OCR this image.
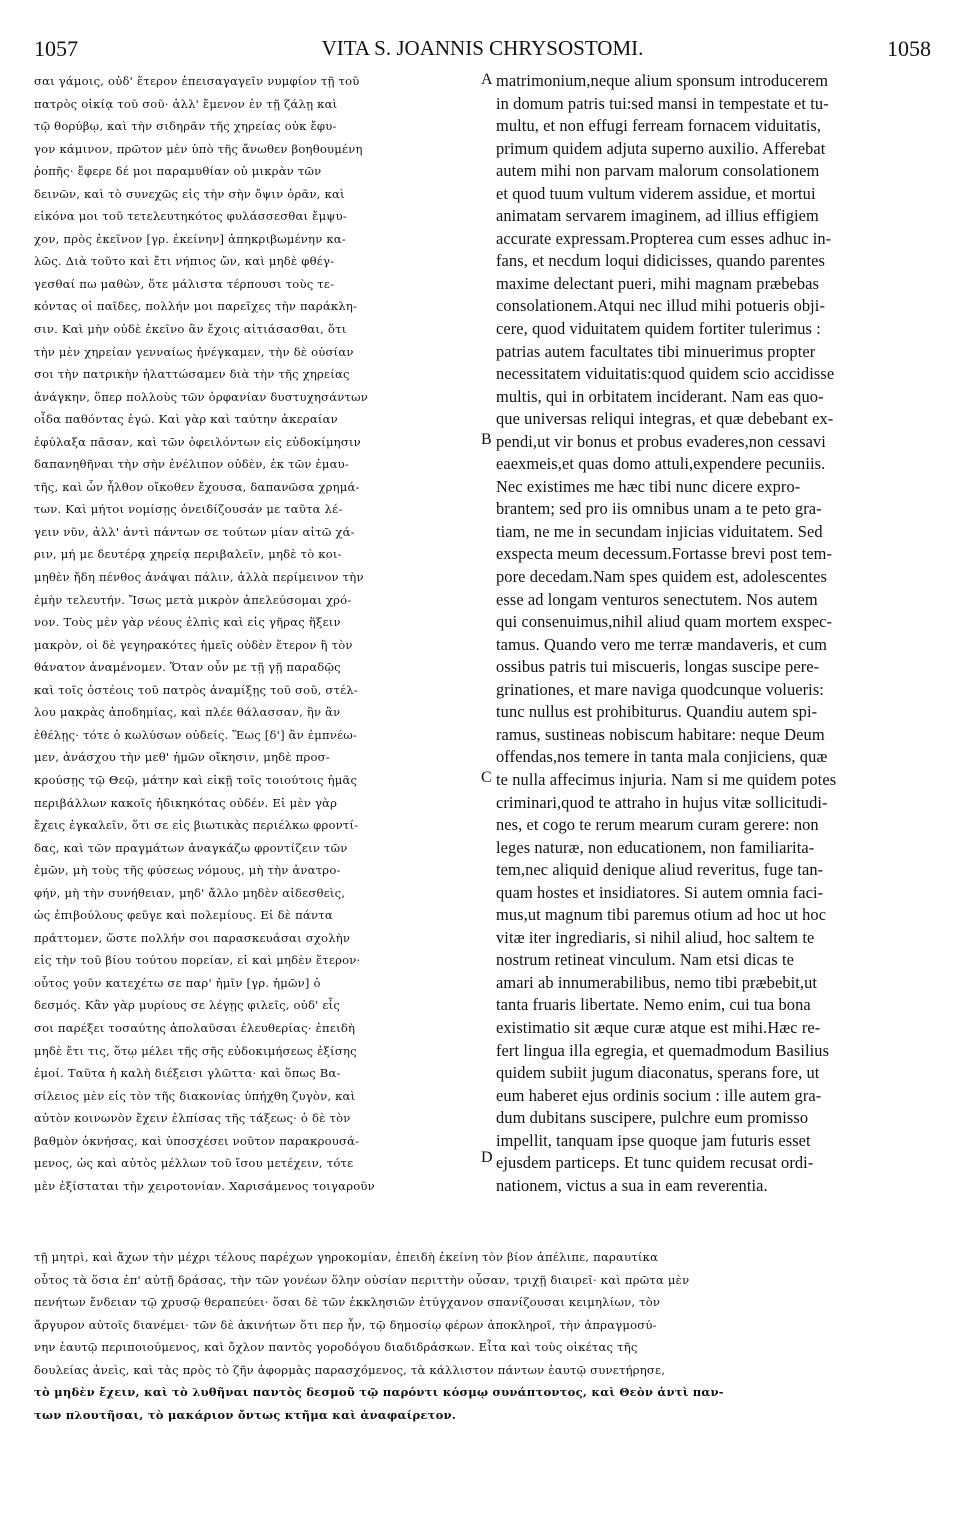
1057	VITA S. JOANNIS CHRYSOSTOMI.	1058
σαι γάμοις, οὐδ' ἕτερον ἐπεισαγαγεῖν νυμφίον τῇ τοῦ
πατρὸς οἰκίᾳ τοῦ σοῦ· ἀλλ' ἔμενον ἐν τῇ ζάλῃ καὶ
τῷ θορύβῳ, καὶ τὴν σιδηρᾶν τῆς χηρείας οὐκ ἔφυ-
γον κάμινον, πρῶτον μὲν ὑπὸ τῆς ἄνωθεν βοηθουμένη
ῥοπῆς· ἔφερε δέ μοι παραμυθίαν οὐ μικρὰν τῶν
δεινῶν, καὶ τὸ συνεχῶς εἰς τὴν σὴν ὄψιν ὁρᾶν, καὶ
εἰκόνα μοι τοῦ τετελευτηκότος φυλάσσεσθαι ἔμψυ-
χον, πρὸς ἐκεῖνον [γρ. ἐκείνην] ἀπηκριβωμένην κα-
λῶς. Διὰ τοῦτο καὶ ἔτι νήπιος ὤν, καὶ μηδὲ φθέγ-
γεσθαί πω μαθὼν, ὅτε μάλιστα τέρπουσι τοὺς τε-
κόντας οἱ παῖδες, πολλήν μοι παρεῖχες τὴν παράκλη-
σιν. Καὶ μὴν οὐδὲ ἐκεῖνο ἂν ἔχοις αἰτιάσασθαι, ὅτι
τὴν μὲν χηρείαν γενναίως ἠνέγκαμεν, τὴν δὲ οὐσίαν
σοι τὴν πατρικὴν ἠλαττώσαμεν διὰ τὴν τῆς χηρείας
ἀνάγκην, ὅπερ πολλοὺς τῶν ὀρφανίαν δυστυχησάντων
οἶδα παθόντας ἐγώ. Καὶ γὰρ καὶ ταύτην ἀκεραίαν
ἐφύλαξα πᾶσαν, καὶ τῶν ὀφειλόντων εἰς εὐδοκίμησιν
δαπανηθῆναι τὴν σὴν ἐνέλιπον οὐδὲν, ἐκ τῶν ἐμαυ-
τῆς, καὶ ὧν ἦλθον οἴκοθεν ἔχουσα, δαπανῶσα χρημά-
των. Καὶ μήτοι νομίσῃς ὀνειδίζουσάν με ταῦτα λέ-
γειν νῦν, ἀλλ' ἀντὶ πάντων σε τούτων μίαν αἰτῶ χά-
ριν, μή με δευτέρᾳ χηρείᾳ περιβαλεῖν, μηδὲ τὸ κοι-
μηθὲν ἤδη πένθος ἀνάψαι πάλιν, ἀλλὰ περίμεινον τὴν
ἐμὴν τελευτήν. Ἴσως μετὰ μικρὸν ἀπελεύσομαι χρό-
νον. Τοὺς μὲν γὰρ νέους ἐλπὶς καὶ εἰς γῆρας ἥξειν
μακρὸν, οἱ δὲ γεγηρακότες ἡμεῖς οὐδὲν ἕτερον ἢ τὸν
θάνατον ἀναμένομεν. Ὅταν οὖν με τῇ γῇ παραδῷς
καὶ τοῖς ὀστέοις τοῦ πατρὸς ἀναμίξῃς τοῦ σοῦ, στέλ-
λου μακρὰς ἀποδημίας, καὶ πλέε θάλασσαν, ἣν ἂν
ἐθέλῃς· τότε ὁ κωλύσων οὐδείς. Ἕως [δ'] ἂν ἐμπνέω-
μεν, ἀνάσχου τὴν μεθ' ἡμῶν οἴκησιν, μηδὲ προσ-
κρούσῃς τῷ Θεῷ, μάτην καὶ εἰκῇ τοῖς τοιούτοις ἡμᾶς
περιβάλλων κακοῖς ἠδικηκότας οὐδέν. Εἰ μὲν γὰρ
ἔχεις ἐγκαλεῖν, ὅτι σε εἰς βιωτικὰς περιέλκω φροντί-
δας, καὶ τῶν πραγμάτων ἀναγκάζω φροντίζειν τῶν
ἐμῶν, μὴ τοὺς τῆς φύσεως νόμους, μὴ τὴν ἀνατρο-
φήν, μὴ τὴν συνήθειαν, μηδ' ἄλλο μηδὲν αἰδεσθεὶς,
ὡς ἐπιβούλους φεῦγε καὶ πολεμίους. Εἰ δὲ πάντα
πράττομεν, ὥστε πολλήν σοι παρασκευάσαι σχολὴν
εἰς τὴν τοῦ βίου τούτου πορείαν, εἰ καὶ μηδὲν ἕτερον·
οὗτος γοῦν κατεχέτω σε παρ' ἡμῖν [γρ. ἡμῶν] ὁ
δεσμός. Κἂν γὰρ μυρίους σε λέγῃς φιλεῖς, οὐδ' εἷς
σοι παρέξει τοσαύτης ἀπολαῦσαι ἐλευθερίας· ἐπειδὴ
μηδὲ ἔτι τις, ὅτῳ μέλει τῆς σῆς εὐδοκιμήσεως ἐξίσης
ἐμοί. Ταῦτα ἡ καλὴ διέξεισι γλῶττα· καὶ ὅπως Βα-
σίλειος μὲν εἰς τὸν τῆς διακονίας ὑπήχθη ζυγὸν, καὶ
αὐτὸν κοινωνὸν ἔχειν ἐλπίσας τῆς τάξεως· ὁ δὲ τὸν
βαθμὸν ὀκνήσας, καὶ ὑποσχέσει νοῦτον παρακρουσά-
μενος, ὡς καὶ αὐτὸς μέλλων τοῦ ἴσου μετέχειν, τότε
μὲν ἐξίσταται τὴν χειροτονίαν. Χαρισάμενος τοιγαροῦν
matrimonium,neque alium sponsum introducerem
in domum patris tui:sed mansi in tempestate et tu-
multu, et non effugi ferream fornacem viduitatis,
primum quidem adjuta superno auxilio. Afferebat
autem mihi non parvam malorum consolationem
et quod tuum vultum viderem assidue, et mortui
animatam servarem imaginem, ad illius effigiem
accurate expressam.Propterea cum esses adhuc in-
fans, et necdum loqui didicisses, quando parentes
maxime delectant pueri, mihi magnam præbebas
consolationem.Atqui nec illud mihi potueris obji-
cere, quod viduitatem quidem fortiter tulerimus :
patrias autem facultates tibi minuerimus propter
necessitatem viduitatis:quod quidem scio accidisse
multis, qui in orbitatem inciderant. Nam eas quo-
que universas reliqui integras, et quæ debebant ex-
pendi,ut vir bonus et probus evaderes,non cessavi
eaexmeis,et quas domo attuli,expendere pecuniis.
Nec existimes me hæc tibi nunc dicere expro-
brantem; sed pro iis omnibus unam a te peto gra-
tiam, ne me in secundam injicias viduitatem. Sed
exspecta meum decessum.Fortasse brevi post tem-
pore decedam.Nam spes quidem est, adolescentes
esse ad longam venturos senectutem. Nos autem
qui consenuimus,nihil aliud quam mortem exspec-
tamus. Quando vero me terræ mandaveris, et cum
ossibus patris tui miscueris, longas suscipe pere-
grinationes, et mare naviga quodcunque volueris:
tunc nullus est prohibiturus. Quandiu autem spi-
ramus, sustineas nobiscum habitare: neque Deum
offendas,nos temere in tanta mala conjiciens, quæ
te nulla affecimus injuria. Nam si me quidem potes
criminari,quod te attraho in hujus vitæ sollicitudi-
nes, et cogo te rerum mearum curam gerere: non
leges naturæ, non educationem, non familiarita-
tem,nec aliquid denique aliud reveritus, fuge tan-
quam hostes et insidiatores. Si autem omnia faci-
mus,ut magnum tibi paremus otium ad hoc ut hoc
vitæ iter ingrediaris, si nihil aliud, hoc saltem te
nostrum retineat vinculum. Nam etsi dicas te
amari ab innumerabilibus, nemo tibi præbebit,ut
tanta fruaris libertate. Nemo enim, cui tua bona
existimatio sit æque curæ atque est mihi.Hæc re-
fert lingua illa egregia, et quemadmodum Basilius
quidem subiit jugum diaconatus, sperans fore, ut
eum haberet ejus ordinis socium : ille autem gra-
dum dubitans suscipere, pulchre eum promisso
impellit, tanquam ipse quoque jam futuris esset
ejusdem particeps. Et tunc quidem recusat ordi-
nationem, victus a sua in eam reverentia.
A
B
C
D
τῇ μητρὶ, καὶ ἄχων τὴν μέχρι τέλους παρέχων γηροκομίαν, ἐπειδὴ ἐκείνη τὸν βίον ἀπέλιπε, παραυτίκα
οὗτος τὰ ὅσια ἐπ' αὐτῇ δράσας, τὴν τῶν γονέων ὅλην οὐσίαν περιττὴν οὖσαν, τριχῇ διαιρεῖ· καὶ πρῶτα μὲν
πενήτων ἔνδειαν τῷ χρυσῷ θεραπεύει· ὅσαι δὲ τῶν ἐκκλησιῶν ἐτύγχανον σπανίζουσαι κειμηλίων, τὸν
ἄργυρον αὐτοῖς διανέμει· τῶν δὲ ἀκινήτων ὅτι περ ἦν, τῷ δημοσίῳ φέρων ἀποκληροῖ, τὴν ἀπραγμοσύ-
νην ἑαυτῷ περιποιούμενος, καὶ ὄχλον παντὸς γοροδόγου διαδιδράσκων. Εἶτα καὶ τοὺς οἰκέτας τῆς
δουλείας ἀνεὶς, καὶ τὰς πρὸς τὸ ζῆν ἀφορμὰς παρασχόμενος, τὰ κάλλιστον πάντων ἑαυτῷ συνετήρησε,
τὸ μηδὲν ἔχειν, καὶ τὸ λυθῆναι παντὸς δεσμοῦ τῷ παρόντι κόσμῳ συνάπτοντος, καὶ Θεὸν ἀντὶ παν-
των πλουτῆσαι, τὸ μακάριον ὄντως κτῆμα καὶ ἀναφαίρετον.
